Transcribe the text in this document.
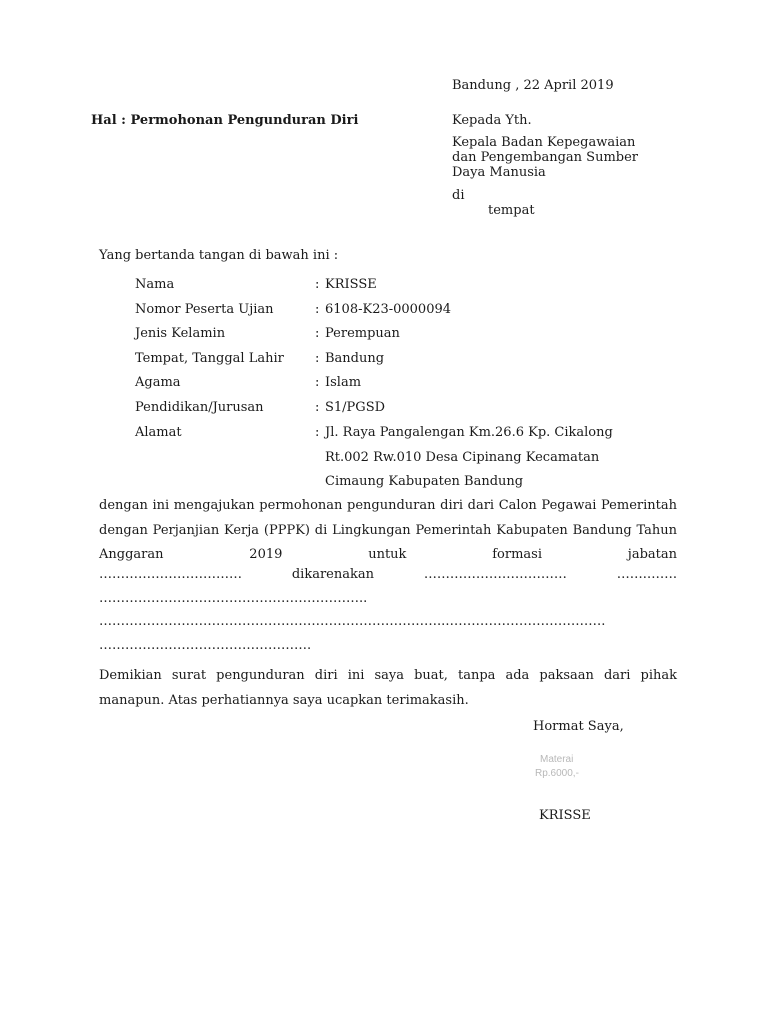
Bandung , 22 April 2019
Hal : Permohonan Pengunduran Diri	Kepada Yth.
Kepala Badan Kepegawaian
dan Pengembangan Sumber
Daya Manusia
di
tempat
Yang bertanda tangan di bawah ini :
Nama	: KRISSE
Nomor Peserta Ujian	: 6108-K23-0000094
Jenis Kelamin	: Perempuan
Tempat, Tanggal Lahir : Bandung
Agama	: Islam
Pendidikan/Jurusan	: S1/PGSD
Alamat	: Jl. Raya Pangalengan Km.26.6 Kp. Cikalong
Rt.002 Rw.010 Desa Cipinang Kecamatan
Cimaung Kabupaten Bandung
dengan ini mengajukan permohonan pengunduran diri dari Calon Pegawai Pemerintah dengan Perjanjian Kerja (PPPK) di Lingkungan Pemerintah Kabupaten Bandung Tahun Anggaran 2019 untuk formasi jabatan
……………………………	dikarenakan	……………………………	…….…….
……………………………………………………..
……………………………………………………………………..……………………………….
………………………………………….
Demikian surat pengunduran diri ini saya buat, tanpa ada paksaan dari pihak manapun. Atas perhatiannya saya ucapkan terimakasih.
Hormat Saya,
Materai
Rp.6000,-
KRISSE
